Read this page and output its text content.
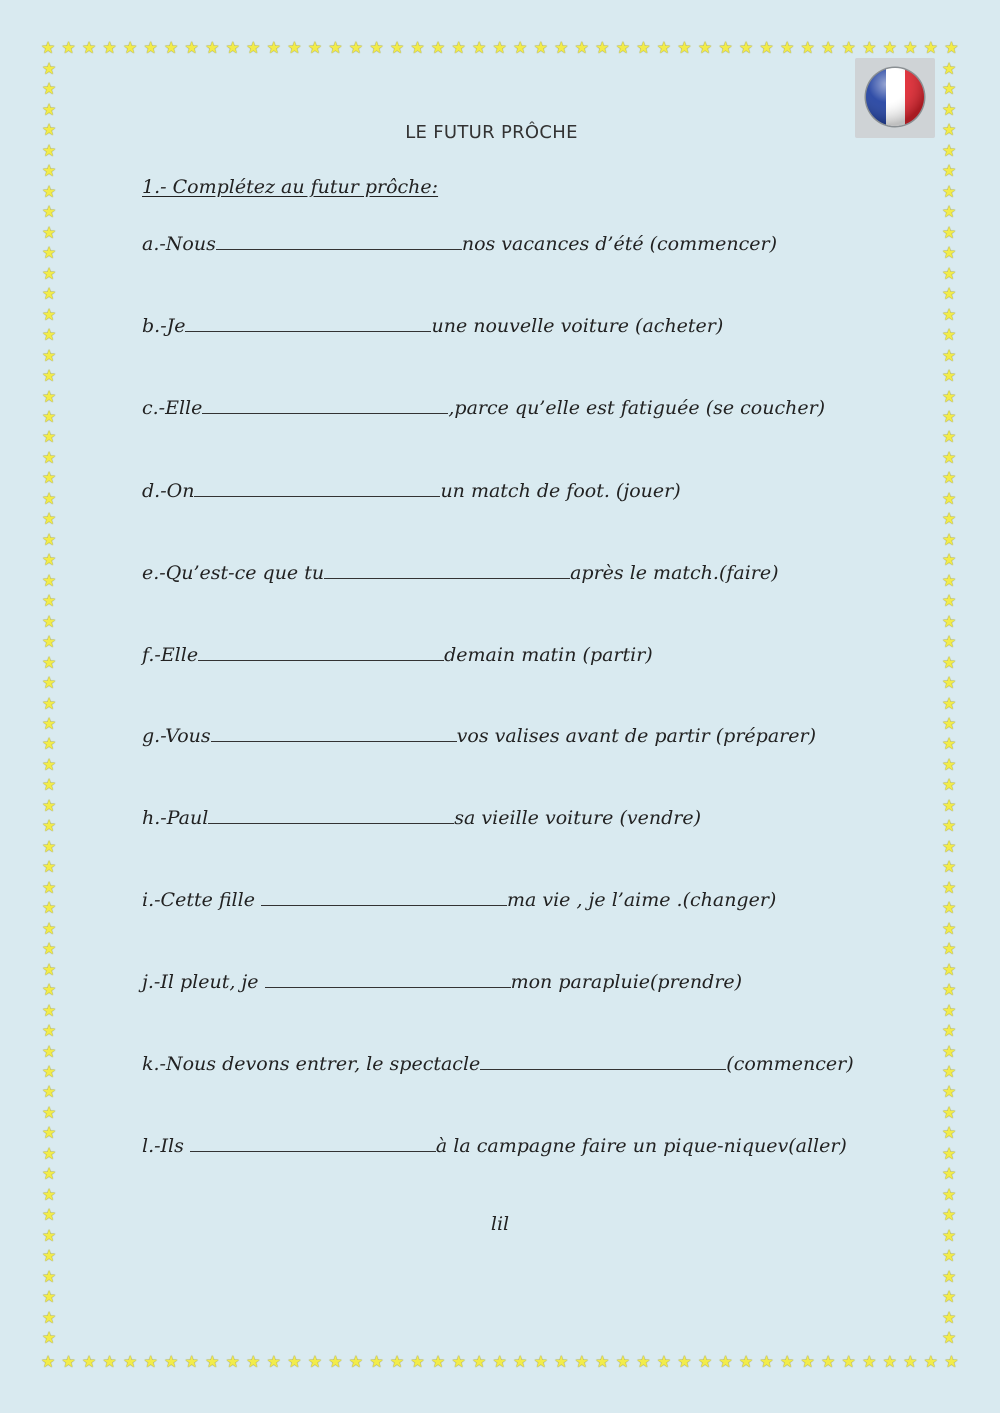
★ ★ ★ ★ ★ ★ ★ ★ ★ ★ ★ ★ ★ ★ ★ ★ ★ ★ ★ ★ ★ ★ ★ ★ ★ ★ ★ ★ ★ ★ ★ ★ ★ ★ ★ ★ ★ ★ ★ ★ ★ ★ ★ ★ ★
★ ★ ★ ★ ★ ★ ★ ★ ★ ★ ★ ★ ★ ★ ★ ★ ★ ★ ★ ★ ★ ★ ★ ★ ★ ★ ★ ★ ★ ★ ★ ★ ★ ★ ★ ★ ★ ★ ★ ★ ★ ★ ★ ★ ★
★
★
★
★
★
★
★
★
★
★
★
★
★
★
★
★
★
★
★
★
★
★
★
★
★
★
★
★
★
★
★
★
★
★
★
★
★
★
★
★
★
★
★
★
★
★
★
★
★
★
★
★
★
★
★
★
★
★
★
★
★
★
★
★
★
★
★
★
★
★
★
★
★
★
★
★
★
★
★
★
★
★
★
★
★
★
★
★
★
★
★
★
★
★
★
★
★
★
★
★
★
★
★
★
★
★
★
★
★
★
★
★
★
★
★
★
★
★
★
★
★
★
★
★
★
★
LE FUTUR PRÔCHE
1.- Complétez au futur prôche:
a.-Nous	nos vacances d’été (commencer)
b.-Je	une nouvelle voiture (acheter)
c.-Elle	,parce qu’elle est fatiguée (se coucher)
d.-On	un match de foot. (jouer)
e.-Qu’est-ce que tu	après le match.(faire)
f.-Elle	demain matin (partir)
g.-Vous	vos valises avant de partir (préparer)
h.-Paul	sa vieille voiture (vendre)
i.-Cette fille	ma vie , je l’aime .(changer)
j.-Il pleut, je	mon parapluie(prendre)
k.-Nous devons entrer, le spectacle	(commencer)
l.-Ils	à la campagne faire un pique-niquev(aller)
lil
